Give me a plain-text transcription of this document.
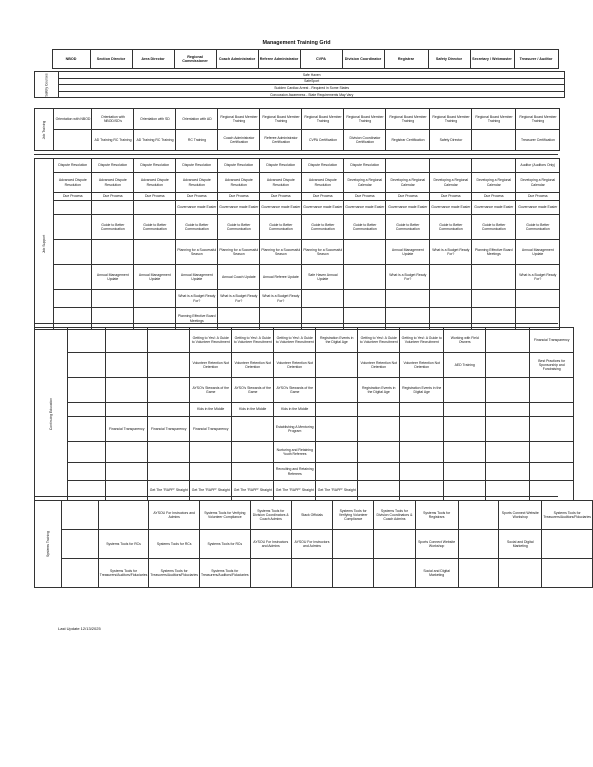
Management Training Grid
	NBOD	Section Director	Area Director	Regional Commissioner	Coach Administrator	Referee Administrator	CVPA	Division Coordinator	Registrar	Safety Director	Secretary / Webmaster	Treasurer / Auditor
Safety Courses	Safe Haven
SafeSport
Sudden Cardiac Arrest - Required in Some States
Concussion Awareness - State Requirements May Vary
Job Training	Orientation with NBOD	Orientation with NBOD/SD's	Orientation with SD	Orientation with AD	Regional Board Member Training	Regional Board Member Training	Regional Board Member Training	Regional Board Member Training	Regional Board Member Training	Regional Board Member Training	Regional Board Member Training	Regional Board Member Training
		AD Training RC Training	AD Training RC Training	RC Training	Coach Administrator Certification	Referee Administrator Certification	CVPA Certification	Division Coordinator Certification	Registrar Certification	Safety Director		Treasurer Certification
Job Support	Dispute Resolution	Dispute Resolution	Dispute Resolution	Dispute Resolution	Dispute Resolution	Dispute Resolution	Dispute Resolution	Dispute Resolution				Auditor (Auditors Only)
	Advanced Dispute Resolution	Advanced Dispute Resolution	Advanced Dispute Resolution	Advanced Dispute Resolution	Advanced Dispute Resolution	Advanced Dispute Resolution	Advanced Dispute Resolution	Developing a Regional Calendar	Developing a Regional Calendar	Developing a Regional Calendar	Developing a Regional Calendar	Developing a Regional Calendar
	Due Process	Due Process	Due Process	Due Process	Due Process	Due Process	Due Process	Due Process	Due Process	Due Process	Due Process	Due Process
				Governance made Easier	Governance made Easier	Governance made Easier	Governance made Easier	Governance made Easier	Governance made Easier	Governance made Easier	Governance made Easier	Governance made Easier
		Guide to Better Communication	Guide to Better Communication	Guide to Better Communication	Guide to Better Communication	Guide to Better Communication	Guide to Better Communication	Guide to Better Communication	Guide to Better Communication	Guide to Better Communication	Guide to Better Communication	Guide to Better Communication
				Planning for a Successful Season	Planning for a Successful Season	Planning for a Successful Season	Planning for a Successful Season		Annual Management Update	What is a Budget Ready For?	Planning Effective Board Meetings	Annual Management Update
		Annual Management Update	Annual Management Update	Annual Management Update	Annual Coach Update	Annual Referee Update	Safe Haven Annual Update		What is a Budget Ready For?			What is a Budget Ready For?
				What is a Budget Ready For?	What is a Budget Ready For?	What is a Budget Ready For?						
				Planning Effective Board Meetings								
Continuing Education				Getting to Yes!: A Guide to Volunteer Recruitment	Getting to Yes!: A Guide to Volunteer Recruitment	Getting to Yes!: A Guide to Volunteer Recruitment	Registration Events in the Digital Age	Getting to Yes!: A Guide to Volunteer Recruitment	Getting to Yes!: A Guide to Volunteer Recruitment	Working with Field Owners		Financial Transparency
				Volunteer Retention Not Detention	Volunteer Retention Not Detention	Volunteer Retention Not Detention		Volunteer Retention Not Detention	Volunteer Retention Not Detention	AED Training		Best Practices for Sponsorship and Fundraising
				AYSO's Stewards of the Game	AYSO's Stewards of the Game	AYSO's Stewards of the Game		Registration Events in the Digital Age	Registration Events in the Digital Age			
				Kids in the Middle	Kids in the Middle	Kids in the Middle						
		Financial Transparency	Financial Transparency	Financial Transparency		Establishing A Mentoring Program						
						Nurturing and Retaining Youth Referees						
						Recruiting and Retaining Referees						
			Get The "RAPP" Straight	Get The "RAPP" Straight	Get The "RAPP" Straight	Get The "RAPP" Straight	Get The "RAPP" Straight					
Systems Training			AYSOU For Instructors and Admins	Systems Tools for Verifying Volunteer Compliance	Systems Tools for Division Coordinators & Coach Admins	Stack Officials	Systems Tools for Verifying Volunteer Compliance	Systems Tools for Division Coordinators & Coach Admins	Systems Tools for Registrars		Sports Connect Website Workshop	Systems Tools for Treasurers/Auditors/Fiduciaries
		Systems Tools for RCs	Systems Tools for RCs	Systems Tools for RCs	AYSOU For Instructors and Admins	AYSOU For Instructors and Admins			Sports Connect Website Workshop		Social and Digital Marketing	
		Systems Tools for Treasurers/Auditors/Fiduciaries	Systems Tools for Treasurers/Auditors/Fiduciaries	Systems Tools for Treasurers/Auditors/Fiduciaries					Social and Digital Marketing			
Last Update 12/13/2025
